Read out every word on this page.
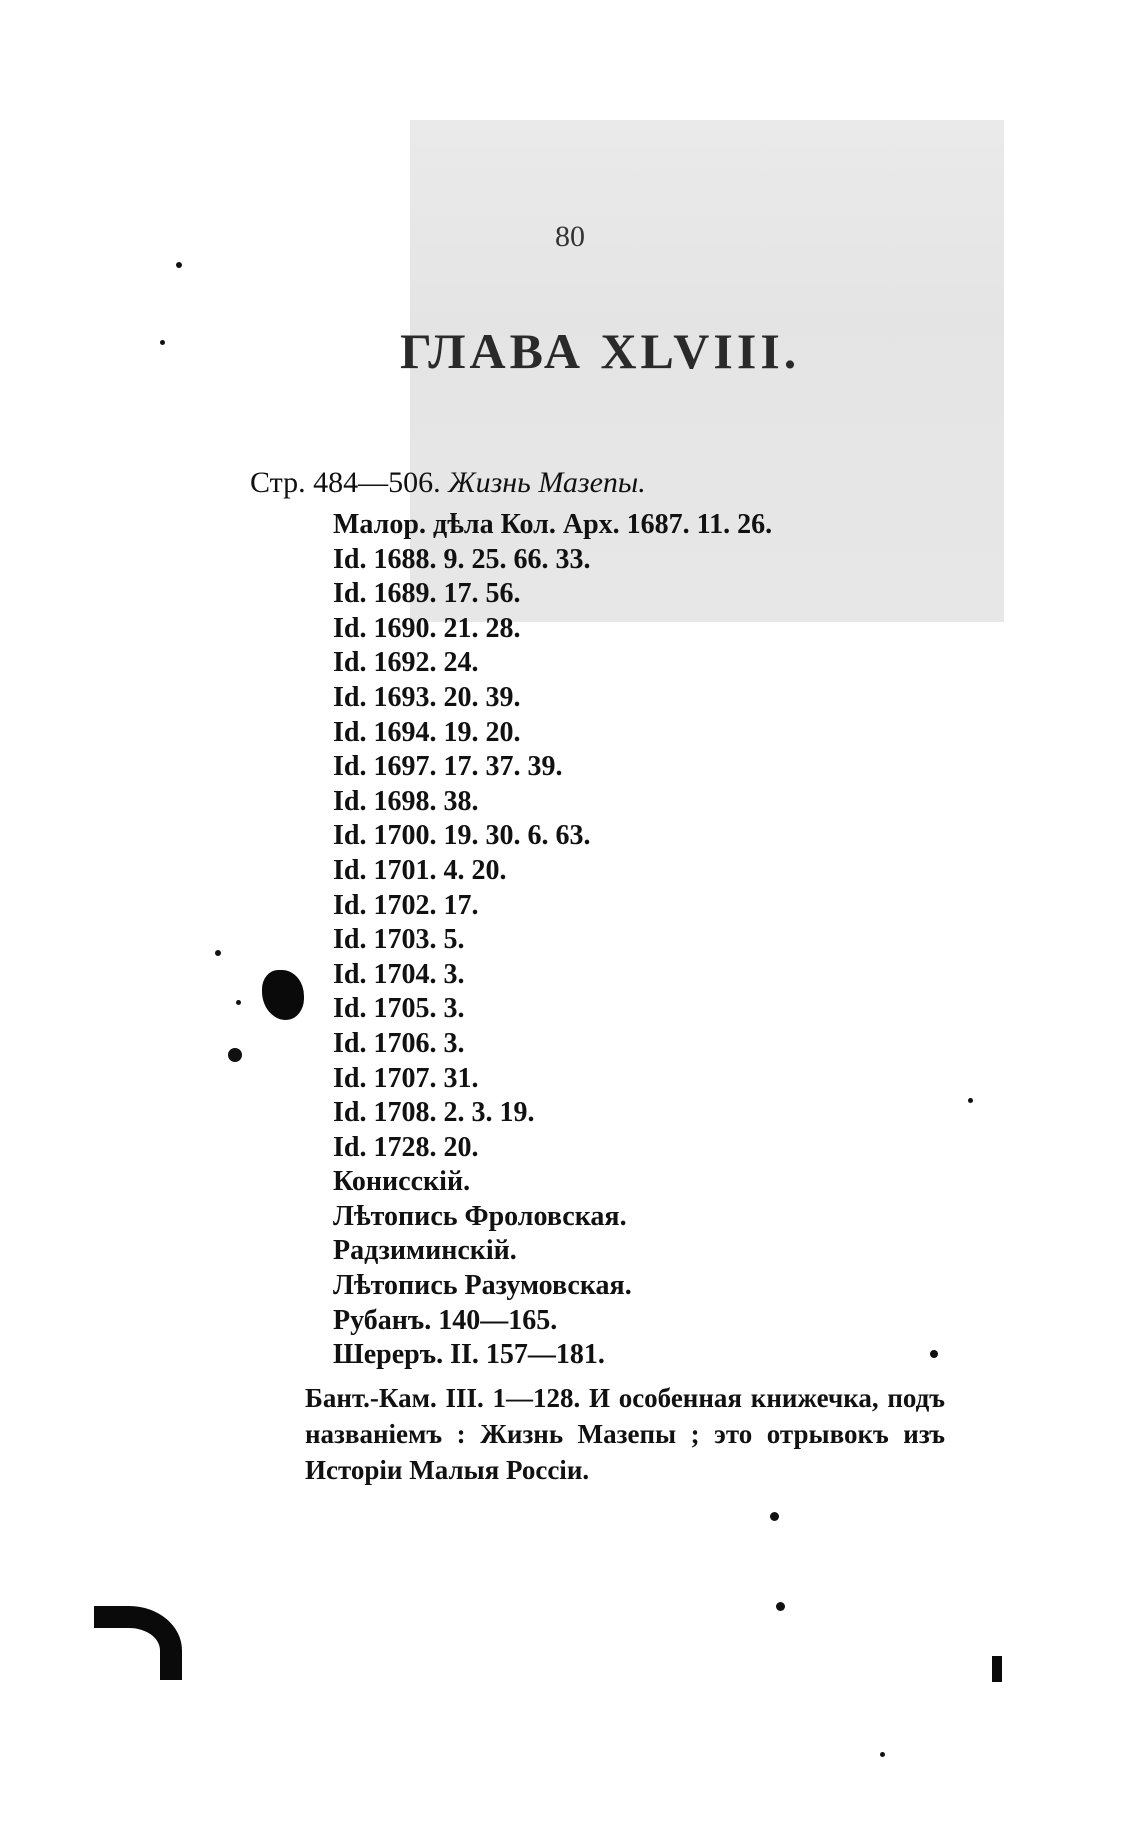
80
ГЛАВА XLVIII.
Стр. 484—506. Жизнь Мазепы.
Малор. дѣла Кол. Арх. 1687. 11. 26.
Id. 1688. 9. 25. 66. 33.
Id. 1689. 17. 56.
Id. 1690. 21. 28.
Id. 1692. 24.
Id. 1693. 20. 39.
Id. 1694. 19. 20.
Id. 1697. 17. 37. 39.
Id. 1698. 38.
Id. 1700. 19. 30. 6. 63.
Id. 1701. 4. 20.
Id. 1702. 17.
Id. 1703. 5.
Id. 1704. 3.
Id. 1705. 3.
Id. 1706. 3.
Id. 1707. 31.
Id. 1708. 2. 3. 19.
Id. 1728. 20.
Конисскій.
Лѣтопись Фроловская.
Радзиминскій.
Лѣтопись Разумовская.
Рубанъ. 140—165.
Шереръ. II. 157—181.
Бант.-Кам. III. 1—128. И особенная книжечка, подъ названіемъ : Жизнь Мазепы ; это отрывокъ изъ Исторіи Малыя Россіи.
